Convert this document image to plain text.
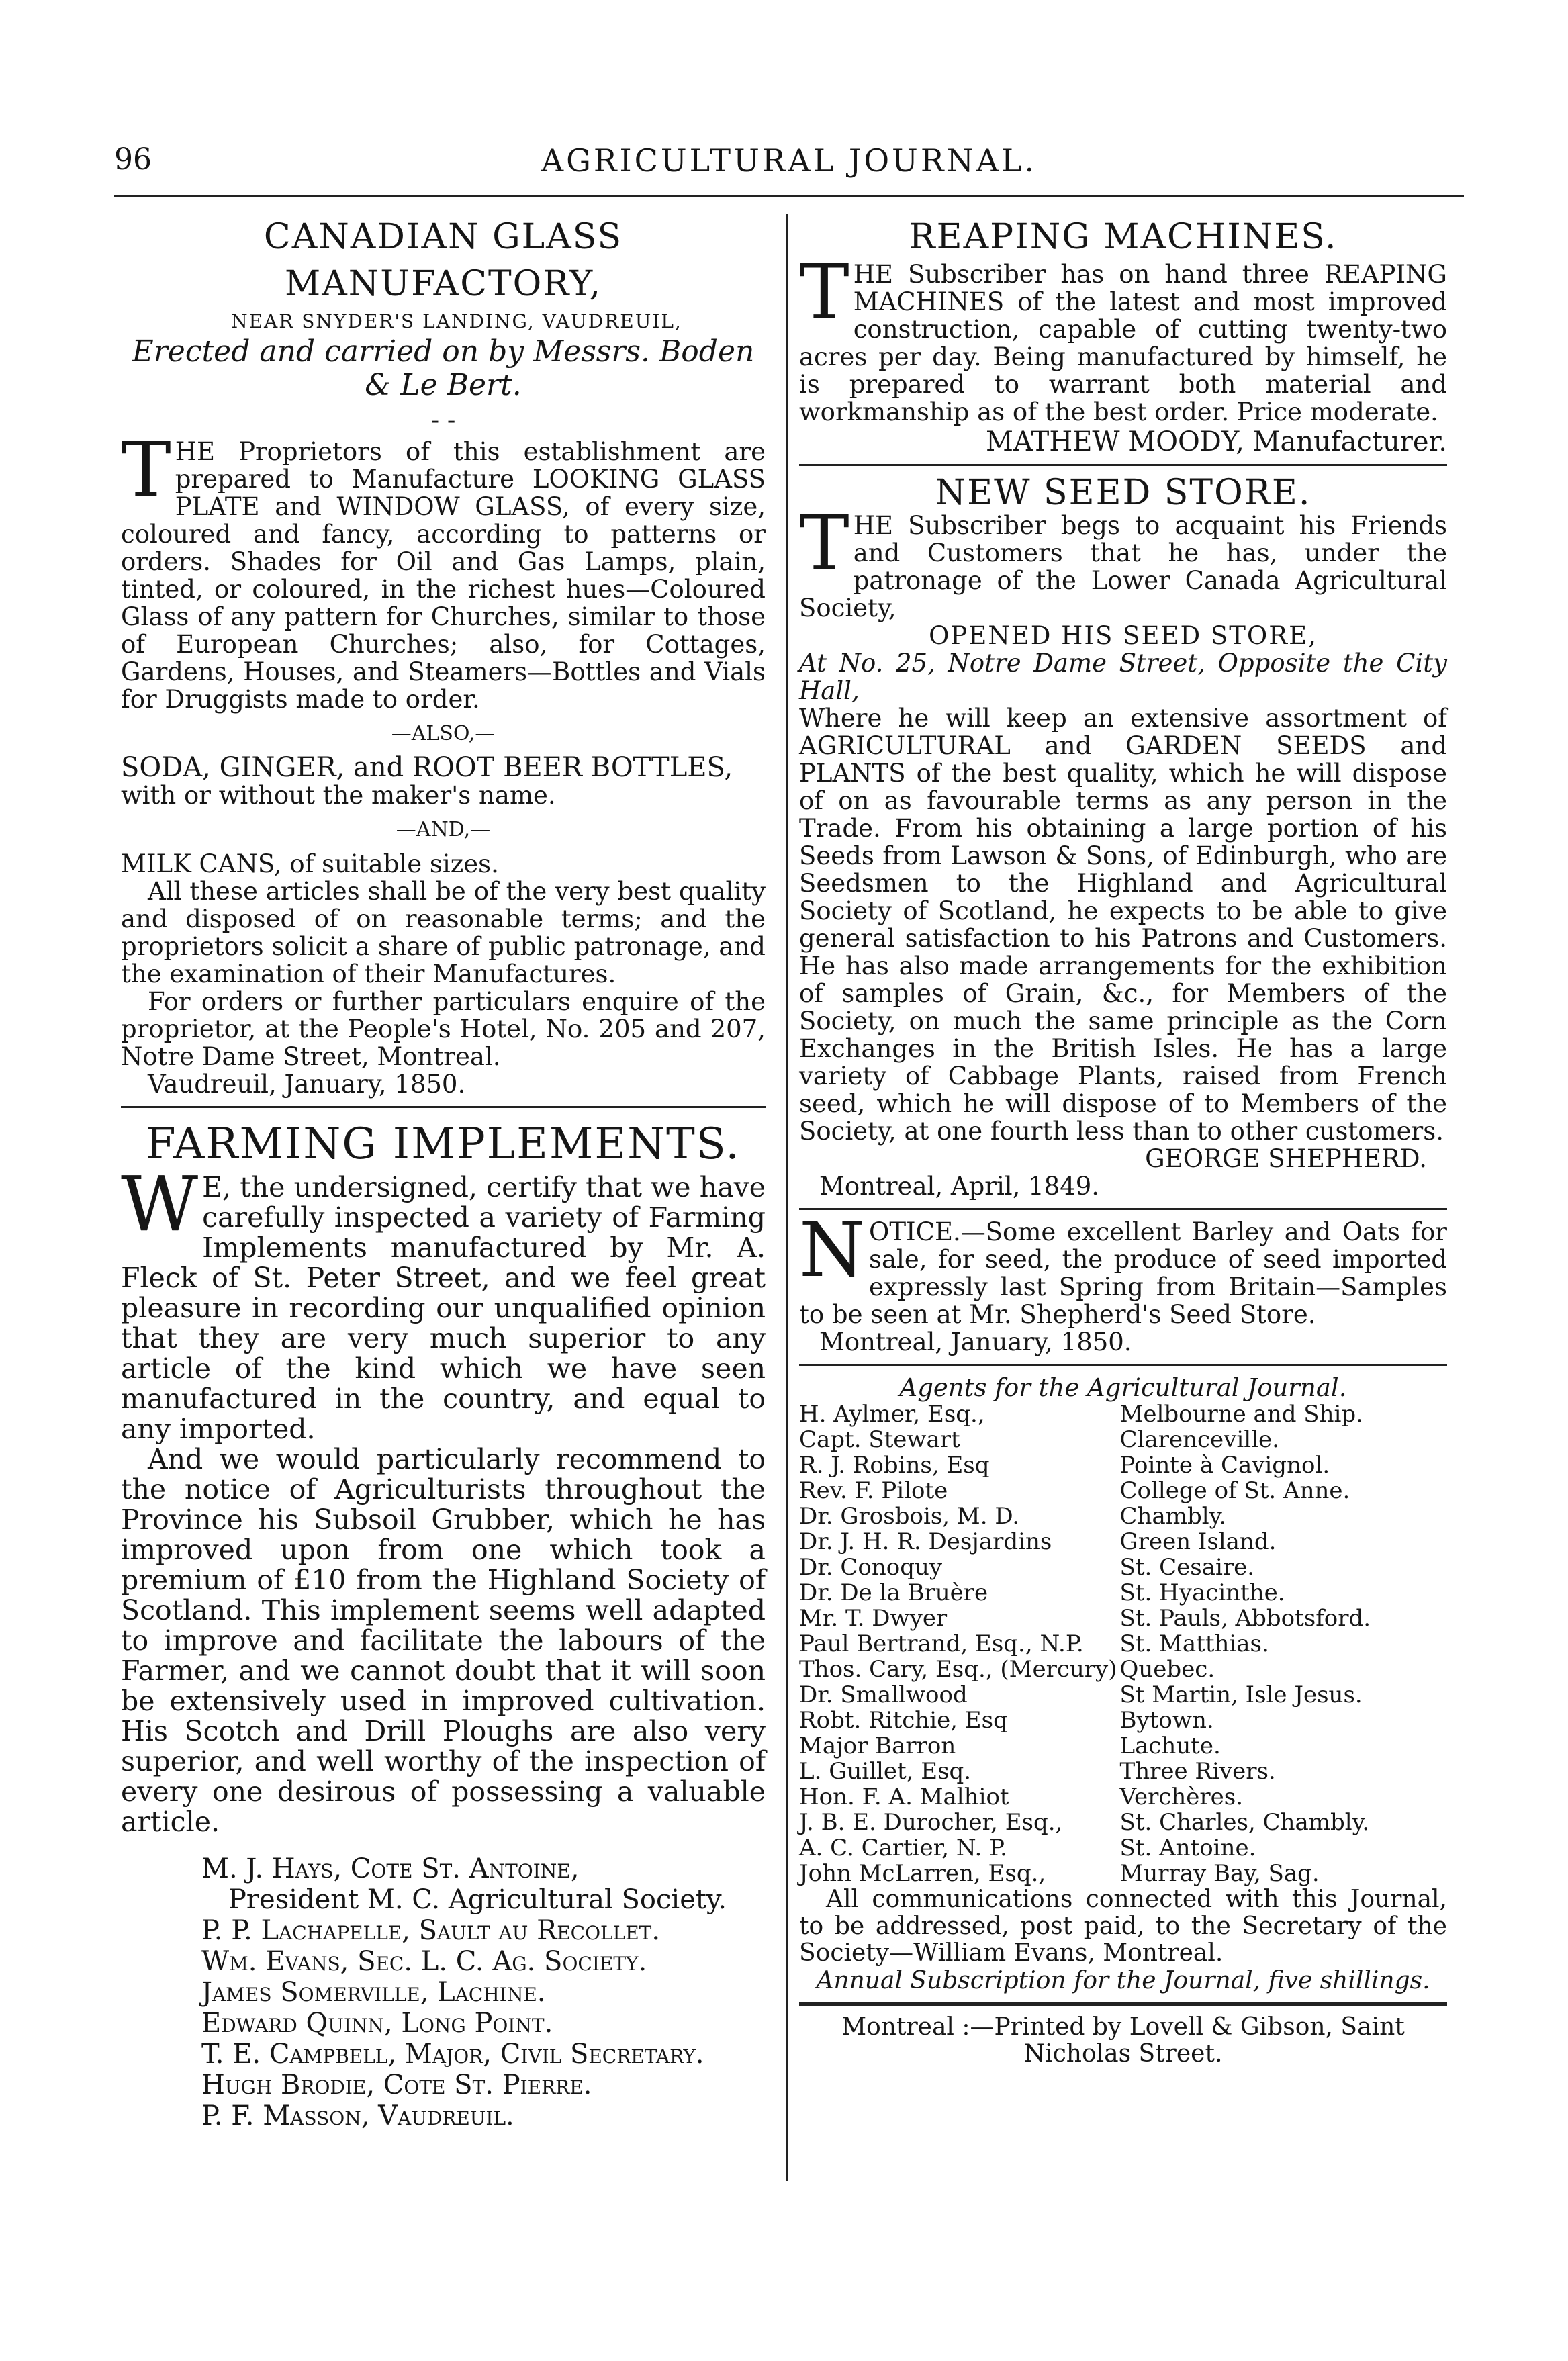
96	AGRICULTURAL JOURNAL.

CANADIAN GLASS MANUFACTORY,

NEAR SNYDER'S LANDING, VAUDREUIL,

Erected and carried on by Messrs. Boden & Le Bert.

- -

THE Proprietors of this establishment are prepared to Manufacture LOOKING GLASS PLATE and WINDOW GLASS, of every size, coloured and fancy, according to patterns or orders. Shades for Oil and Gas Lamps, plain, tinted, or coloured, in the richest hues—Coloured Glass of any pattern for Churches, similar to those of European Churches; also, for Cottages, Gardens, Houses, and Steamers—Bottles and Vials for Druggists made to order.

—ALSO,—

SODA, GINGER, and ROOT BEER BOTTLES,

with or without the maker's name.

—AND,—

MILK CANS, of suitable sizes.

All these articles shall be of the very best quality and disposed of on reasonable terms; and the proprietors solicit a share of public patronage, and the examination of their Manufactures.

For orders or further particulars enquire of the proprietor, at the People's Hotel, No. 205 and 207, Notre Dame Street, Montreal.

Vaudreuil, January, 1850.

FARMING IMPLEMENTS.

WE, the undersigned, certify that we have carefully inspected a variety of Farming Implements manufactured by Mr. A. Fleck of St. Peter Street, and we feel great pleasure in recording our unqualified opinion that they are very much superior to any article of the kind which we have seen manufactured in the country, and equal to any imported.

And we would particularly recommend to the notice of Agriculturists throughout the Province his Subsoil Grubber, which he has improved upon from one which took a premium of £10 from the Highland Society of Scotland. This implement seems well adapted to improve and facilitate the labours of the Farmer, and we cannot doubt that it will soon be extensively used in improved cultivation. His Scotch and Drill Ploughs are also very superior, and well worthy of the inspection of every one desirous of possessing a valuable article.

M. J. Hays, Cote St. Antoine,

President M. C. Agricultural Society.

P. P. Lachapelle, Sault au Recollet.

Wm. Evans, Sec. L. C. Ag. Society.

James Somerville, Lachine.

Edward Quinn, Long Point.

T. E. Campbell, Major, Civil Secretary.

Hugh Brodie, Cote St. Pierre.

P. F. Masson, Vaudreuil.

REAPING MACHINES.

THE Subscriber has on hand three REAPING MACHINES of the latest and most improved construction, capable of cutting twenty-two acres per day. Being manufactured by himself, he is prepared to warrant both material and workmanship as of the best order. Price moderate.

MATHEW MOODY, Manufacturer.

NEW SEED STORE.

THE Subscriber begs to acquaint his Friends and Customers that he has, under the patronage of the Lower Canada Agricultural Society,

OPENED HIS SEED STORE,

At No. 25, Notre Dame Street, Opposite the City Hall,

Where he will keep an extensive assortment of AGRICULTURAL and GARDEN SEEDS and PLANTS of the best quality, which he will dispose of on as favourable terms as any person in the Trade. From his obtaining a large portion of his Seeds from Lawson & Sons, of Edinburgh, who are Seedsmen to the Highland and Agricultural Society of Scotland, he expects to be able to give general satisfaction to his Patrons and Customers. He has also made arrangements for the exhibition of samples of Grain, &c., for Members of the Society, on much the same principle as the Corn Exchanges in the British Isles. He has a large variety of Cabbage Plants, raised from French seed, which he will dispose of to Members of the Society, at one fourth less than to other customers.

GEORGE SHEPHERD.

Montreal, April, 1849.

NOTICE.—Some excellent Barley and Oats for sale, for seed, the produce of seed imported expressly last Spring from Britain—Samples to be seen at Mr. Shepherd's Seed Store.

Montreal, January, 1850.

Agents for the Agricultural Journal.

H. Aylmer, Esq.,	Melbourne and Ship.
Capt. Stewart	Clarenceville.
R. J. Robins, Esq	Pointe à Cavignol.
Rev. F. Pilote	College of St. Anne.
Dr. Grosbois, M. D.	Chambly.
Dr. J. H. R. Desjardins	Green Island.
Dr. Conoquy	St. Cesaire.
Dr. De la Bruère	St. Hyacinthe.
Mr. T. Dwyer	St. Pauls, Abbotsford.
Paul Bertrand, Esq., N.P.	St. Matthias.
Thos. Cary, Esq., (Mercury) Quebec.
Dr. Smallwood	St Martin, Isle Jesus.
Robt. Ritchie, Esq	Bytown.
Major Barron	Lachute.
L. Guillet, Esq.	Three Rivers.
Hon. F. A. Malhiot	Verchères.
J. B. E. Durocher, Esq.,	St. Charles, Chambly.
A. C. Cartier, N. P.	St. Antoine.
John McLarren, Esq.,	Murray Bay, Sag.

All communications connected with this Journal, to be addressed, post paid, to the Secretary of the Society—William Evans, Montreal.

Annual Subscription for the Journal, five shillings.

Montreal :—Printed by Lovell & Gibson, Saint Nicholas Street.
